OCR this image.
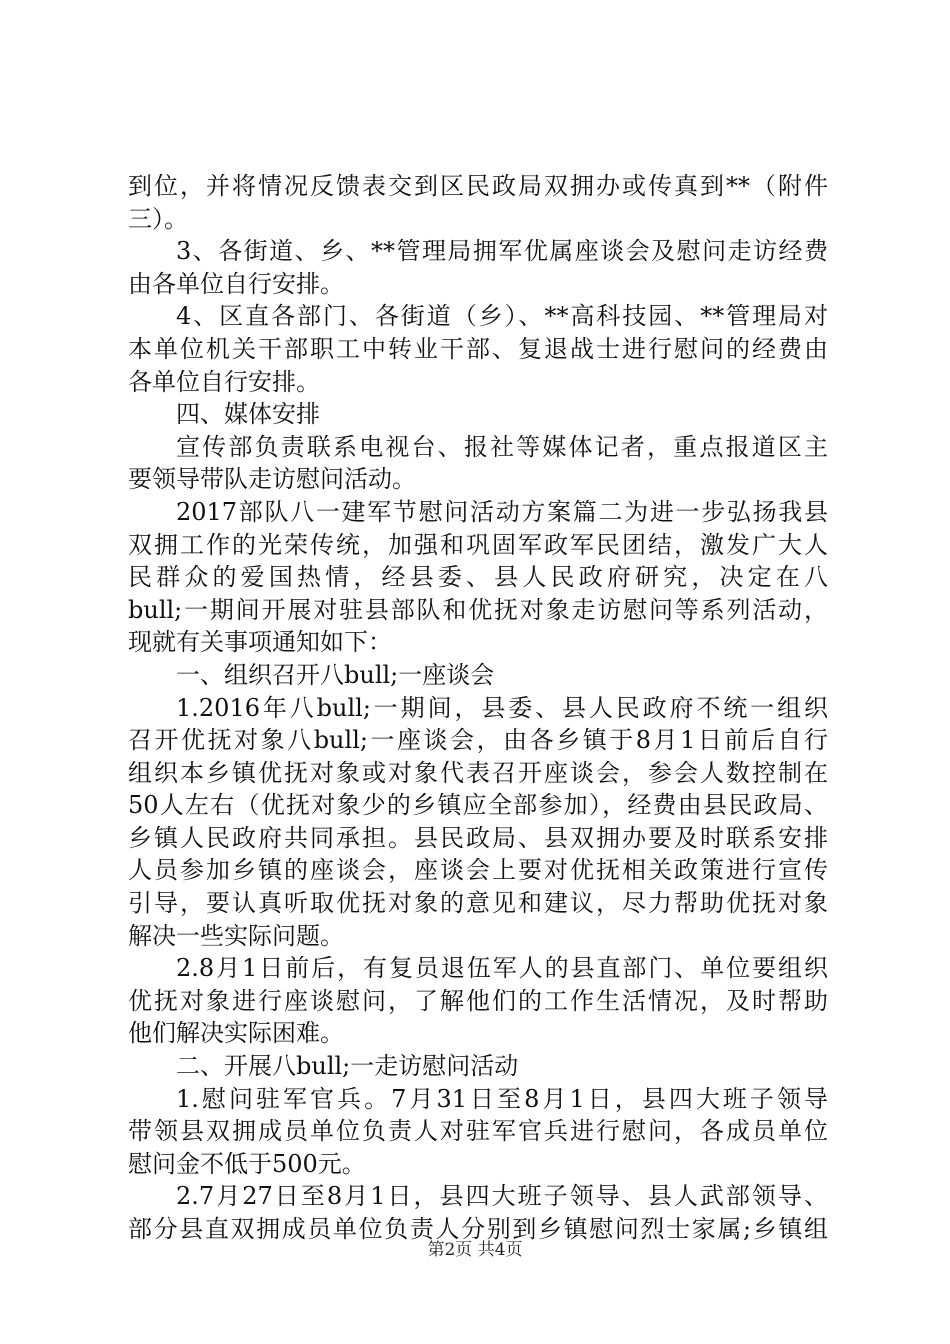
到位，并将情况反馈表交到区民政局双拥办或传真到**（附件
三）。
3、各街道、乡、**管理局拥军优属座谈会及慰问走访经费
由各单位自行安排。
4、区直各部门、各街道（乡）、**高科技园、**管理局对
本单位机关干部职工中转业干部、复退战士进行慰问的经费由
各单位自行安排。
四、媒体安排
宣传部负责联系电视台、报社等媒体记者，重点报道区主
要领导带队走访慰问活动。
2017部队八一建军节慰问活动方案篇二为进一步弘扬我县
双拥工作的光荣传统，加强和巩固军政军民团结，激发广大人
民群众的爱国热情，经县委、县人民政府研究，决定在八
bull;一期间开展对驻县部队和优抚对象走访慰问等系列活动，
现就有关事项通知如下：
一、组织召开八bull;一座谈会
1.2016年八bull;一期间，县委、县人民政府不统一组织
召开优抚对象八bull;一座谈会，由各乡镇于8月1日前后自行
组织本乡镇优抚对象或对象代表召开座谈会，参会人数控制在
50人左右（优抚对象少的乡镇应全部参加），经费由县民政局、
乡镇人民政府共同承担。县民政局、县双拥办要及时联系安排
人员参加乡镇的座谈会，座谈会上要对优抚相关政策进行宣传
引导，要认真听取优抚对象的意见和建议，尽力帮助优抚对象
解决一些实际问题。
2.8月1日前后，有复员退伍军人的县直部门、单位要组织
优抚对象进行座谈慰问，了解他们的工作生活情况，及时帮助
他们解决实际困难。
二、开展八bull;一走访慰问活动
1.慰问驻军官兵。7月31日至8月1日，县四大班子领导
带领县双拥成员单位负责人对驻军官兵进行慰问，各成员单位
慰问金不低于500元。
2.7月27日至8月1日，县四大班子领导、县人武部领导、
部分县直双拥成员单位负责人分别到乡镇慰问烈士家属;乡镇组
第2页 共4页
